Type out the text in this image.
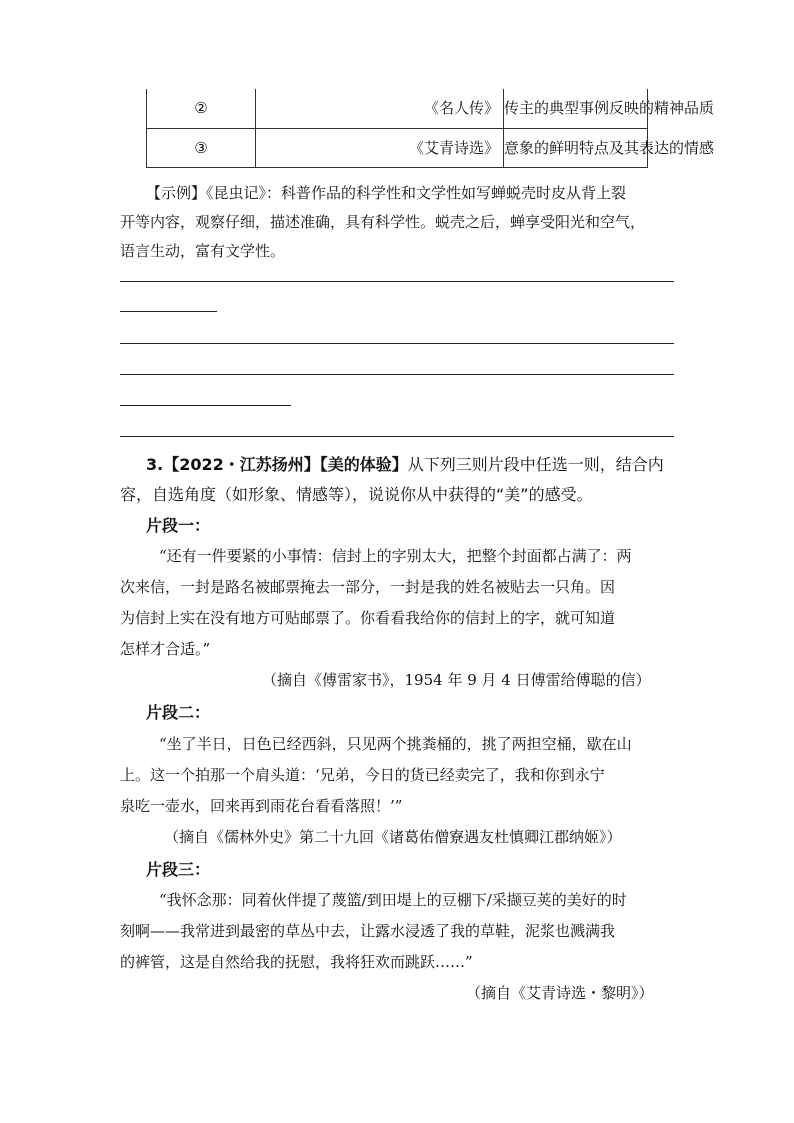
②	《名人传》 传主的典型事例反映的精神品质
③	《艾青诗选》 意象的鲜明特点及其表达的情感
【示例】《昆虫记》：科普作品的科学性和文学性如写蝉蜕壳时皮从背上裂
开等内容，观察仔细，描述准确，具有科学性。蜕壳之后，蝉享受阳光和空气，
语言生动，富有文学性。
3.【2022・江苏扬州】【美的体验】从下列三则片段中任选一则，结合内
容，自选角度（如形象、情感等），说说你从中获得的“美”的感受。
片段一：
“还有一件要紧的小事情：信封上的字别太大，把整个封面都占满了：两
次来信，一封是路名被邮票掩去一部分，一封是我的姓名被贴去一只角。因
为信封上实在没有地方可贴邮票了。你看看我给你的信封上的字，就可知道
怎样才合适。”
（摘自《傅雷家书》，1954 年 9 月 4 日傅雷给傅聪的信）
片段二：
“坐了半日，日色已经西斜，只见两个挑粪桶的，挑了两担空桶，歇在山
上。这一个拍那一个肩头道：‘兄弟，今日的货已经卖完了，我和你到永宁
泉吃一壶水，回来再到雨花台看看落照！’”
（摘自《儒林外史》第二十九回《诸葛佑僧寮遇友杜慎卿江郡纳姬》）
片段三：
“我怀念那：同着伙伴提了蔑篮/到田堤上的豆棚下/采撷豆荚的美好的时
刻啊——我常进到最密的草丛中去，让露水浸透了我的草鞋，泥浆也溅满我
的裤管，这是自然给我的抚慰，我将狂欢而跳跃……”
（摘自《艾青诗选・黎明》）
